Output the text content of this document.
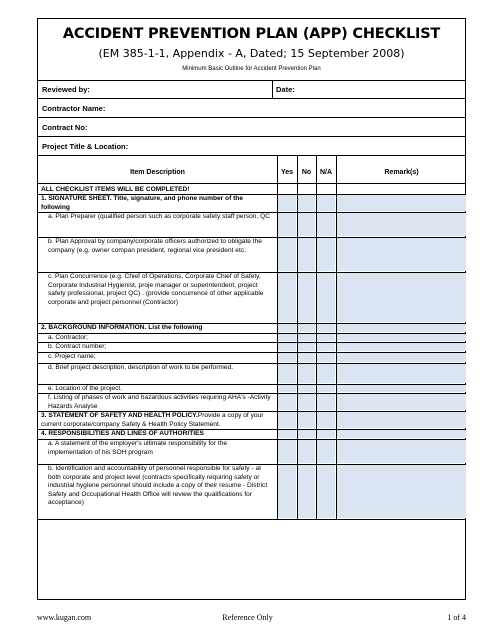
ACCIDENT PREVENTION PLAN (APP) CHECKLIST
(EM 385-1-1, Appendix - A, Dated; 15 September 2008)
Minimum Basic Outline for Accident Prevention Plan
Reviewed by:	Date:
Contractor Name:
Contract No:
Project Title & Location:
Item Description	Yes	No	N/A	Remark(s)
ALL CHECKLIST ITEMS WILL BE COMPLETED!
1. SIGNATURE SHEET. Title, signature, and phone number of the following
a. Plan Preparer (qualified person such as corporate safety staff person, QC
b. Plan Approval by company/corporate officers authorized to obligate the company (e.g. owner compan president, regional vice president etc.
c. Plan Concurrence (e.g. Chief of Operations, Corporate Chief of Safety, Corporate Industrial Hygienist, proje manager or superintendent, project safety professional, project QC) . (provide concurrence of other applicable corporate and project personnel (Contractor)
2. BACKGROUND INFORMATION. List the following
a. Contractor;
b. Contract number;
c. Project name;
d. Brief project description, description of work to be performed.
e. Location of the project.
f. Listing of phases of work and hazardous activities requiring AHA's -Activity Hazards Analyse
3. STATEMENT OF SAFETY AND HEALTH POLICY.Provide a copy of your current corporate/company Safety & Health Policy Statement.
4. RESPONSIBILITIES AND LINES OF AUTHORITIES
a. A statement of the employer's ultimate responsibility for the implementation of his SOH program
b. Identification and accountability of personnel responsible for safety - at both corporate and project level (contracts specifically requiring safety or industrial hygiene personnel should include a copy of their resume - District Safety and Occupational Health Office will review the qualifications for acceptance)
www.kugan.com	Reference Only	1 of 4
